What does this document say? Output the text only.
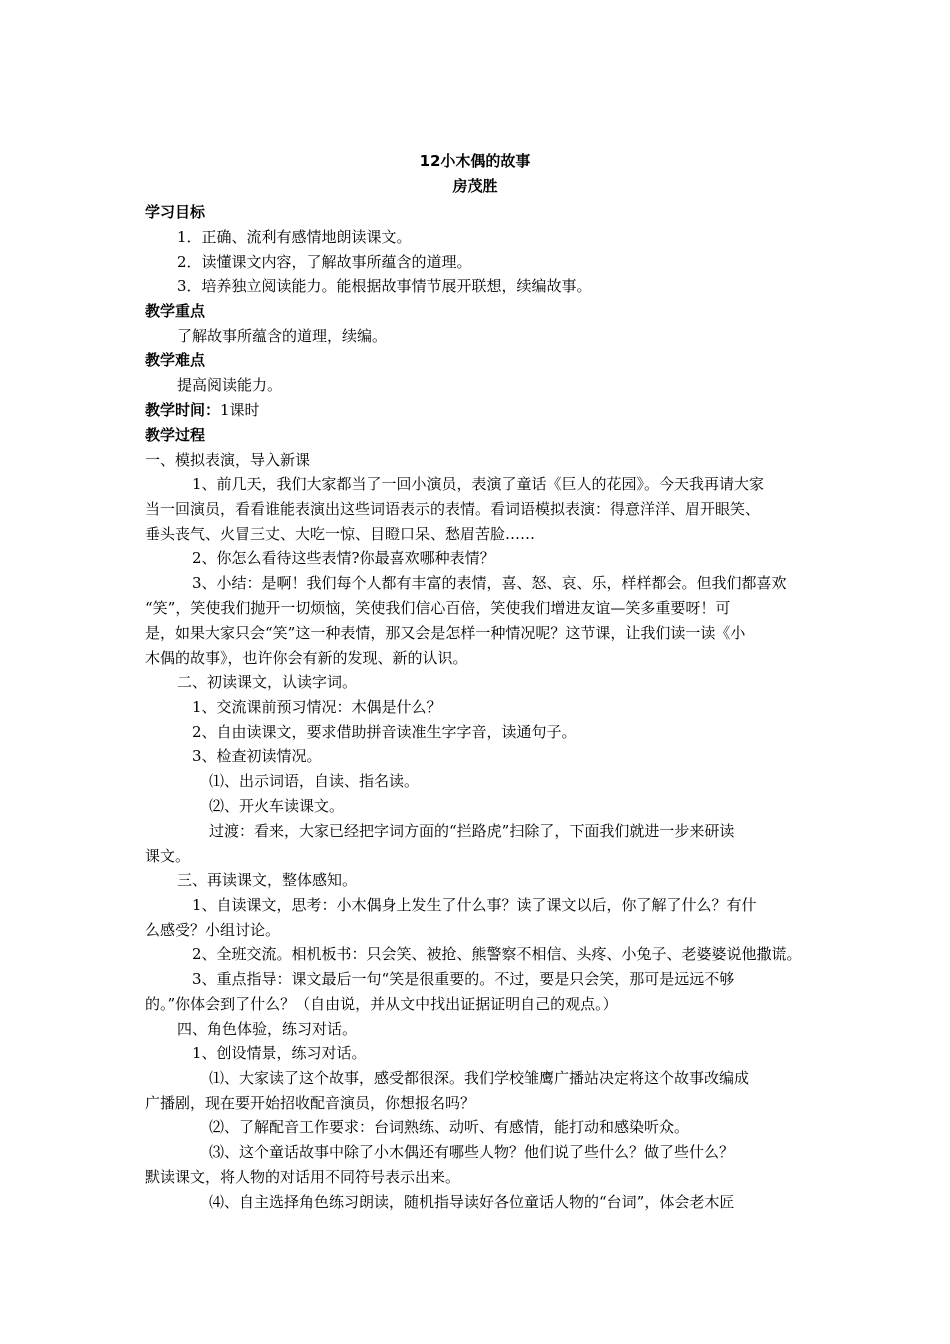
12小木偶的故事
房茂胜
学习目标
1．正确、流利有感情地朗读课文。
2．读懂课文内容，了解故事所蕴含的道理。
3．培养独立阅读能力。能根据故事情节展开联想，续编故事。
教学重点
了解故事所蕴含的道理，续编。
教学难点
提高阅读能力。
教学时间：1课时
教学过程
一、模拟表演，导入新课
1、前几天，我们大家都当了一回小演员，表演了童话《巨人的花园》。今天我再请大家
当一回演员，看看谁能表演出这些词语表示的表情。看词语模拟表演：得意洋洋、眉开眼笑、
垂头丧气、火冒三丈、大吃一惊、目瞪口呆、愁眉苦脸……
2、你怎么看待这些表情?你最喜欢哪种表情？
3、小结：是啊！我们每个人都有丰富的表情，喜、怒、哀、乐，样样都会。但我们都喜欢
“笑”，笑使我们抛开一切烦恼，笑使我们信心百倍，笑使我们增进友谊—笑多重要呀！可
是，如果大家只会“笑”这一种表情，那又会是怎样一种情况呢？这节课，让我们读一读《小
木偶的故事》，也许你会有新的发现、新的认识。
二、初读课文，认读字词。
1、交流课前预习情况：木偶是什么？
2、自由读课文，要求借助拼音读准生字字音，读通句子。
3、检查初读情况。
⑴、出示词语，自读、指名读。
⑵、开火车读课文。
过渡：看来，大家已经把字词方面的“拦路虎”扫除了，下面我们就进一步来研读
课文。
三、再读课文，整体感知。
1、自读课文，思考：小木偶身上发生了什么事？读了课文以后，你了解了什么？有什
么感受？小组讨论。
2、全班交流。相机板书：只会笑、被抢、熊警察不相信、头疼、小兔子、老婆婆说他撒谎。
3、重点指导：课文最后一句“笑是很重要的。不过，要是只会笑，那可是远远不够
的。”你体会到了什么？（自由说，并从文中找出证据证明自己的观点。）
四、角色体验，练习对话。
1、创设情景，练习对话。
⑴、大家读了这个故事，感受都很深。我们学校雏鹰广播站决定将这个故事改编成
广播剧，现在要开始招收配音演员，你想报名吗？
⑵、了解配音工作要求：台词熟练、动听、有感情，能打动和感染听众。
⑶、这个童话故事中除了小木偶还有哪些人物？他们说了些什么？做了些什么？
默读课文，将人物的对话用不同符号表示出来。
⑷、自主选择角色练习朗读，随机指导读好各位童话人物的“台词”，体会老木匠
